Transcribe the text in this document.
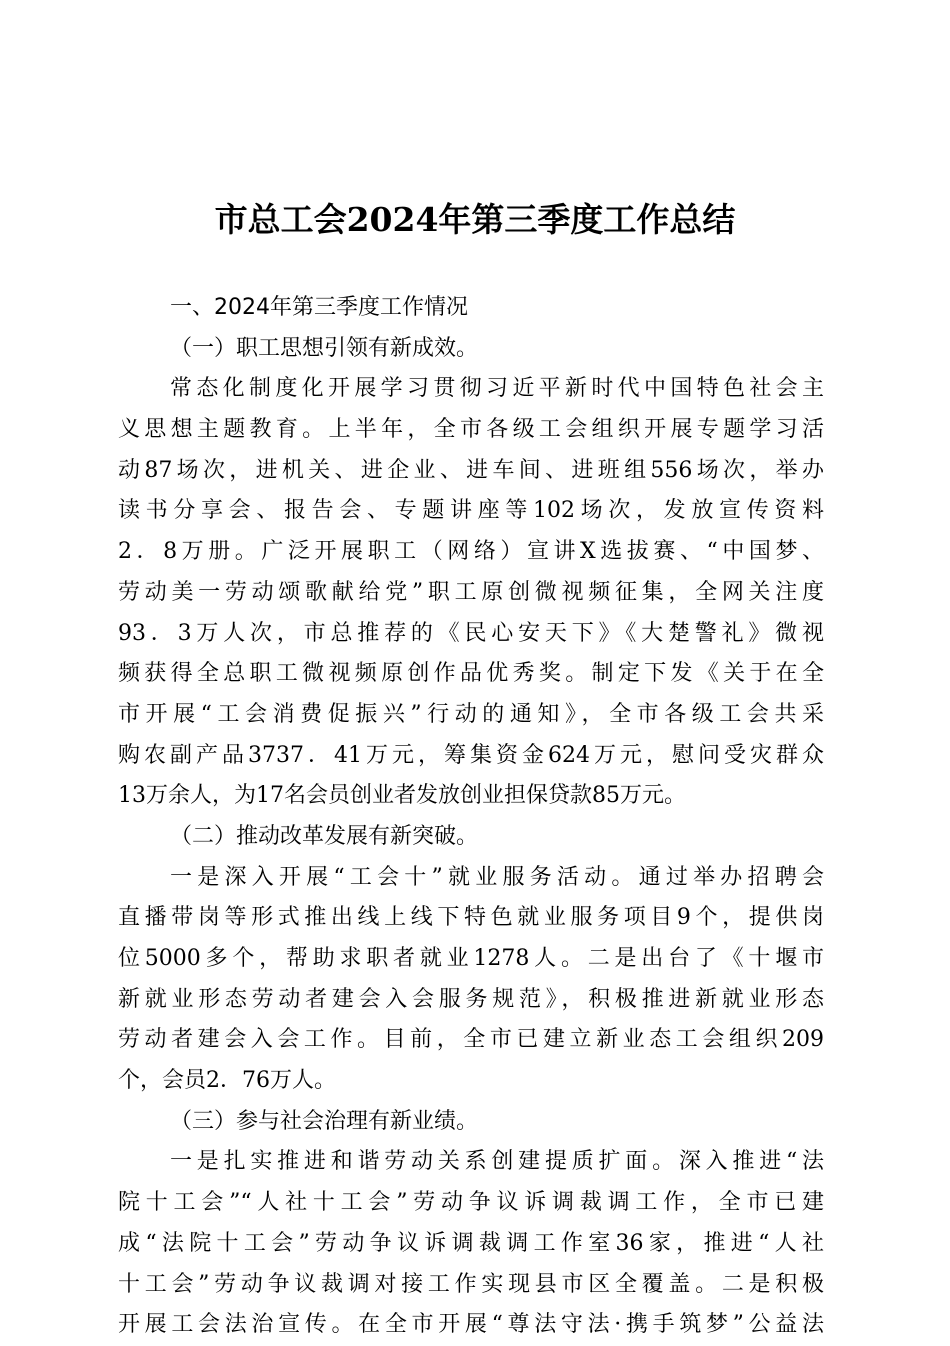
市总工会2024年第三季度工作总结
一、2024年第三季度工作情况
（一）职工思想引领有新成效。
常态化制度化开展学习贯彻习近平新时代中国特色社会主
义思想主题教育。上半年，全市各级工会组织开展专题学习活
动87场次，进机关、进企业、进车间、进班组556场次，举办
读书分享会、报告会、专题讲座等102场次，发放宣传资料
2．8万册。广泛开展职工（网络）宣讲X选拔赛、“中国梦、
劳动美一劳动颂歌献给党”职工原创微视频征集，全网关注度
93．3万人次，市总推荐的《民心安天下》《大楚警礼》微视
频获得全总职工微视频原创作品优秀奖。制定下发《关于在全
市开展“工会消费促振兴”行动的通知》，全市各级工会共采
购农副产品3737．41万元，筹集资金624万元，慰问受灾群众
13万余人，为17名会员创业者发放创业担保贷款85万元。
（二）推动改革发展有新突破。
一是深入开展“工会十”就业服务活动。通过举办招聘会
直播带岗等形式推出线上线下特色就业服务项目9个，提供岗
位5000多个，帮助求职者就业1278人。二是出台了《十堰市
新就业形态劳动者建会入会服务规范》，积极推进新就业形态
劳动者建会入会工作。目前，全市已建立新业态工会组织209
个，会员2．76万人。
（三）参与社会治理有新业绩。
一是扎实推进和谐劳动关系创建提质扩面。深入推进“法
院十工会”“人社十工会”劳动争议诉调裁调工作，全市已建
成“法院十工会”劳动争议诉调裁调工作室36家，推进“人社
十工会”劳动争议裁调对接工作实现县市区全覆盖。二是积极
开展工会法治宣传。在全市开展“尊法守法·携手筑梦”公益法
